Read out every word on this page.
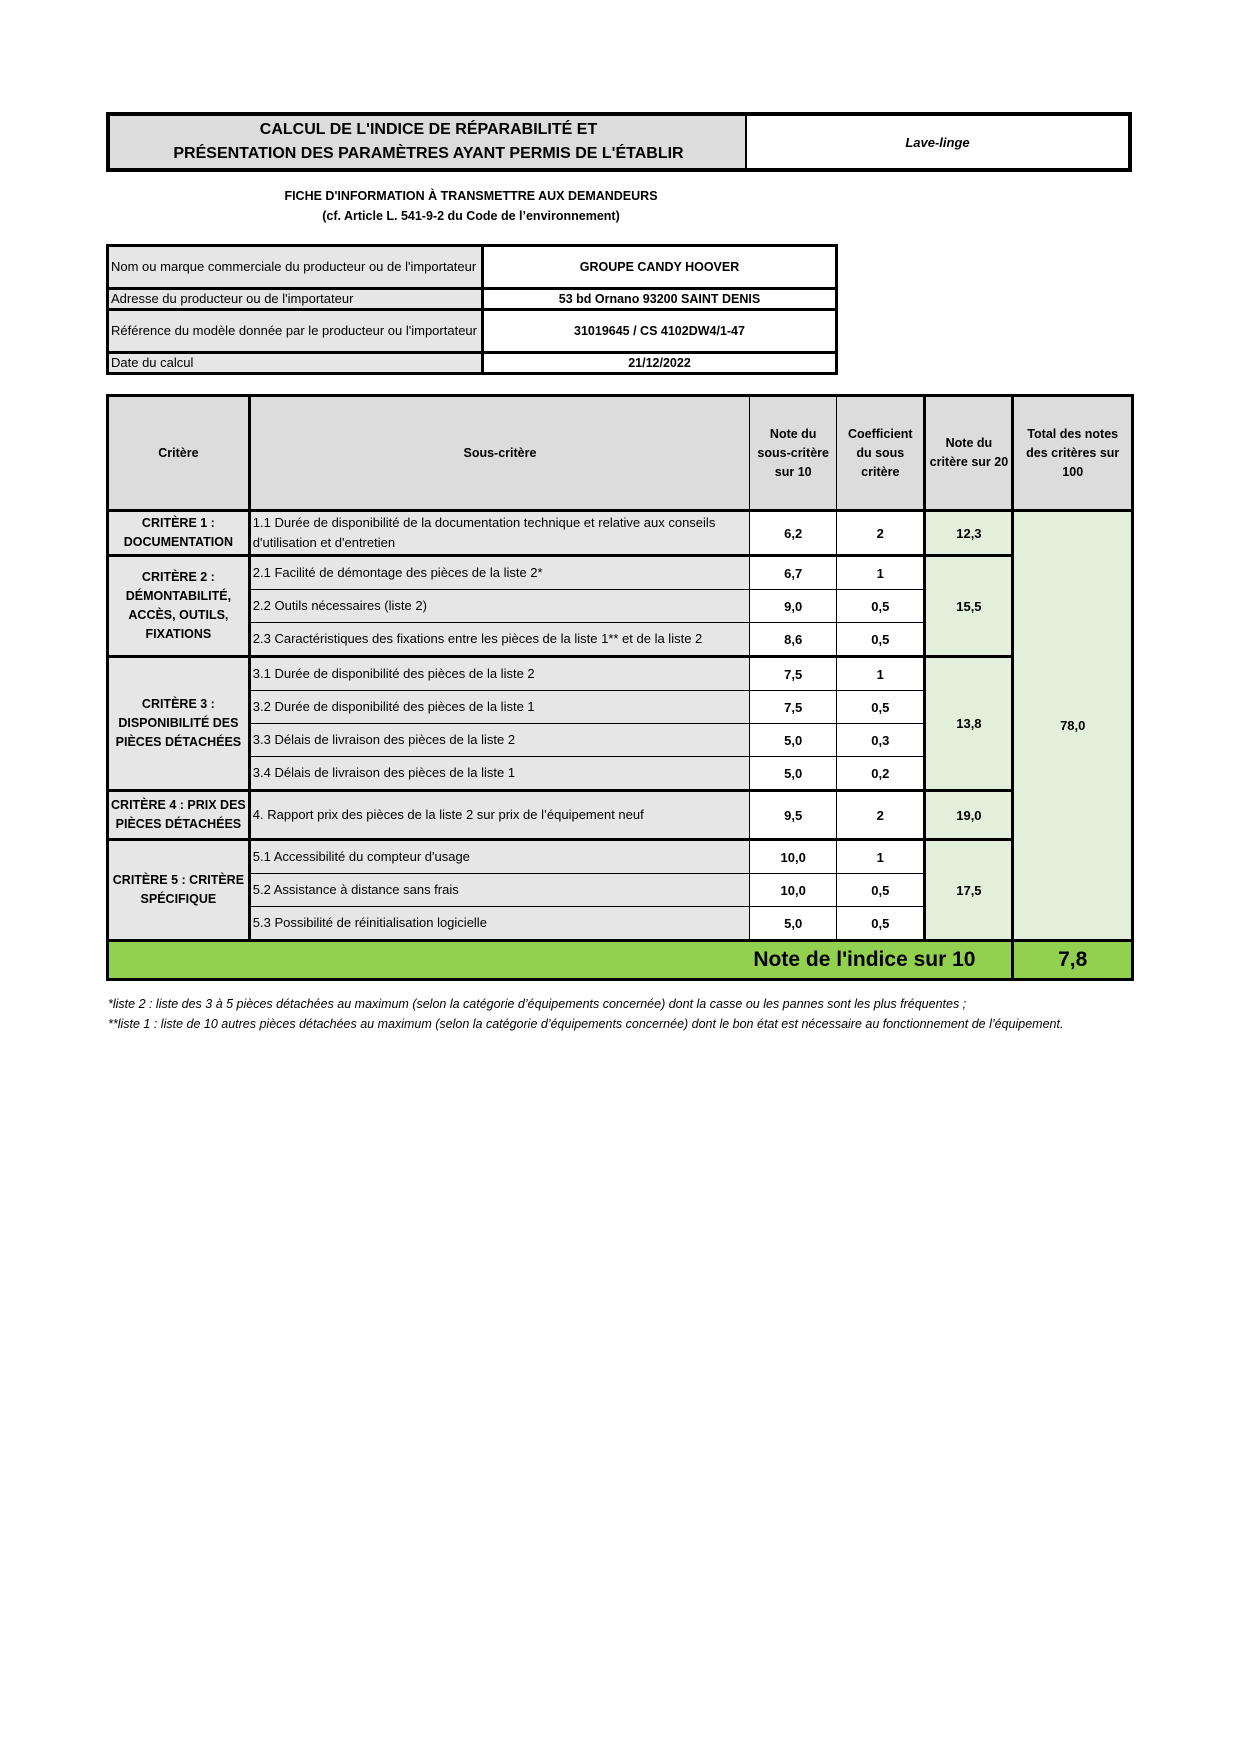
CALCUL DE L'INDICE DE RÉPARABILITÉ ET
PRÉSENTATION DES PARAMÈTRES AYANT PERMIS DE L'ÉTABLIR
Lave-linge
FICHE D'INFORMATION À TRANSMETTRE AUX DEMANDEURS
(cf. Article L. 541-9-2 du Code de l’environnement)
Nom ou marque commerciale du producteur ou de l'importateur	GROUPE CANDY HOOVER
Adresse du producteur ou de l'importateur	53 bd Ornano 93200 SAINT DENIS
Référence du modèle donnée par le producteur ou l'importateur	31019645 / CS 4102DW4/1-47
Date du calcul	21/12/2022
Critère	Sous-critère	Note du sous-critère sur 10	Coefficient du sous critère	Note du critère sur 20	Total des notes des critères sur 100
CRITÈRE 1 : DOCUMENTATION	1.1 Durée de disponibilité de la documentation technique et relative aux conseils d'utilisation et d'entretien	6,2	2	12,3	78,0
CRITÈRE 2 : DÉMONTABILITÉ, ACCÈS, OUTILS, FIXATIONS	2.1 Facilité de démontage des pièces de la liste 2*	6,7	1	15,5	
	2.2 Outils nécessaires (liste 2)	9,0	0,5		
	2.3 Caractéristiques des fixations entre les pièces de la liste 1** et de la liste 2	8,6	0,5		
CRITÈRE 3 : DISPONIBILITÉ DES PIÈCES DÉTACHÉES	3.1 Durée de disponibilité des pièces de la liste 2	7,5	1	13,8	
	3.2 Durée de disponibilité des pièces de la liste 1	7,5	0,5		
	3.3 Délais de livraison des pièces de la liste 2	5,0	0,3		
	3.4 Délais de livraison des pièces de la liste 1	5,0	0,2		
CRITÈRE 4 : PRIX DES PIÈCES DÉTACHÉES	4. Rapport prix des pièces de la liste 2 sur prix de l’équipement neuf	9,5	2	19,0	
CRITÈRE 5 : CRITÈRE SPÉCIFIQUE	5.1 Accessibilité du compteur d'usage	10,0	1	17,5	
	5.2 Assistance à distance sans frais	10,0	0,5		
	5.3 Possibilité de réinitialisation logicielle	5,0	0,5		
Note de l'indice sur 10					7,8

*liste 2 : liste des 3 à 5 pièces détachées au maximum (selon la catégorie d’équipements concernée) dont la casse ou les pannes sont les plus fréquentes ;

**liste 1 : liste de 10 autres pièces détachées au maximum (selon la catégorie d’équipements concernée) dont le bon état est nécessaire au fonctionnement de l’équipement.
